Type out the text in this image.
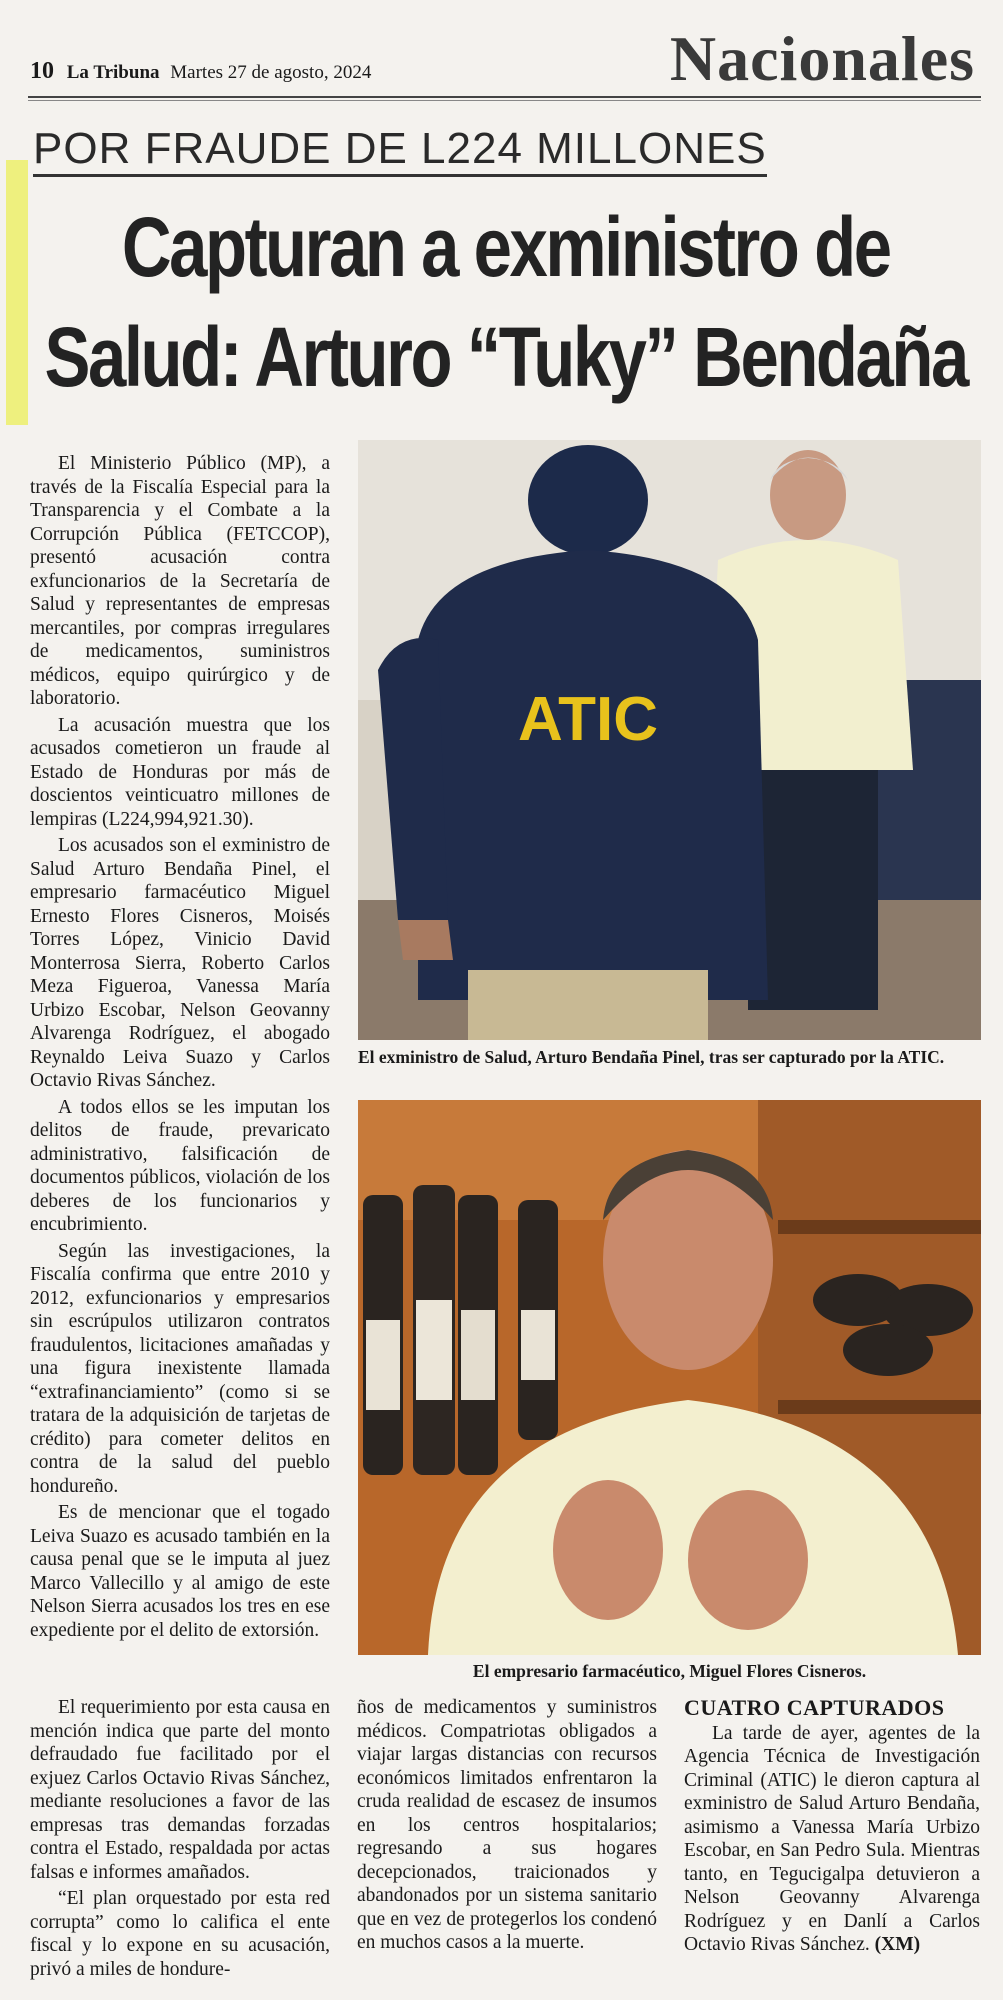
10 La Tribuna Martes 27 de agosto, 2024	Nacionales
POR FRAUDE DE L224 MILLONES
Capturan a exministro de
Salud: Arturo “Tuky” Bendaña

El Ministerio Público (MP), a través de la Fiscalía Especial para la Transparencia y el Combate a la Corrupción Pública (FETCCOP), presentó acusación contra exfuncionarios de la Secretaría de Salud y representantes de empresas mercantiles, por compras irregulares de medicamentos, suministros médicos, equipo quirúrgico y de laboratorio.

La acusación muestra que los acusados cometieron un fraude al Estado de Honduras por más de doscientos veinticuatro millones de lempiras (L224,994,921.30).

Los acusados son el exministro de Salud Arturo Bendaña Pinel, el empresario farmacéutico Miguel Ernesto Flores Cisneros, Moisés Torres López, Vinicio David Monterrosa Sierra, Roberto Carlos Meza Figueroa, Vanessa María Urbizo Escobar, Nelson Geovanny Alvarenga Rodríguez, el abogado Reynaldo Leiva Suazo y Carlos Octavio Rivas Sánchez.

A todos ellos se les imputan los delitos de fraude, prevaricato administrativo, falsificación de documentos públicos, violación de los deberes de los funcionarios y encubrimiento.

Según las investigaciones, la Fiscalía confirma que entre 2010 y 2012, exfuncionarios y empresarios sin escrúpulos utilizaron contratos fraudulentos, licitaciones amañadas y una figura inexistente llamada “extrafinanciamiento” (como si se tratara de la adquisición de tarjetas de crédito) para cometer delitos en contra de la salud del pueblo hondureño.

Es de mencionar que el togado Leiva Suazo es acusado también en la causa penal que se le imputa al juez Marco Vallecillo y al amigo de este Nelson Sierra acusados los tres en ese expediente por el delito de extorsión.

El requerimiento por esta causa en mención indica que parte del monto defraudado fue facilitado por el exjuez Carlos Octavio Rivas Sánchez, mediante resoluciones a favor de las empresas tras demandas forzadas contra el Estado, respaldada por actas falsas e informes amañados.

“El plan orquestado por esta red corrupta” como lo califica el ente fiscal y lo expone en su acusación, privó a miles de hondure-

ños de medicamentos y suministros médicos. Compatriotas obligados a viajar largas distancias con recursos económicos limitados enfrentaron la cruda realidad de escasez de insumos en los centros hospitalarios; regresando a sus hogares decepcionados, traicionados y abandonados por un sistema sanitario que en vez de protegerlos los condenó en muchos casos a la muerte.

CUATRO CAPTURADOS

La tarde de ayer, agentes de la Agencia Técnica de Investigación Criminal (ATIC) le dieron captura al exministro de Salud Arturo Bendaña, asimismo a Vanessa María Urbizo Escobar, en San Pedro Sula. Mientras tanto, en Tegucigalpa detuvieron a Nelson Geovanny Alvarenga Rodríguez y en Danlí a Carlos Octavio Rivas Sánchez. (XM)

ATIC
El exministro de Salud, Arturo Bendaña Pinel, tras ser capturado por la ATIC.
El empresario farmacéutico, Miguel Flores Cisneros.
